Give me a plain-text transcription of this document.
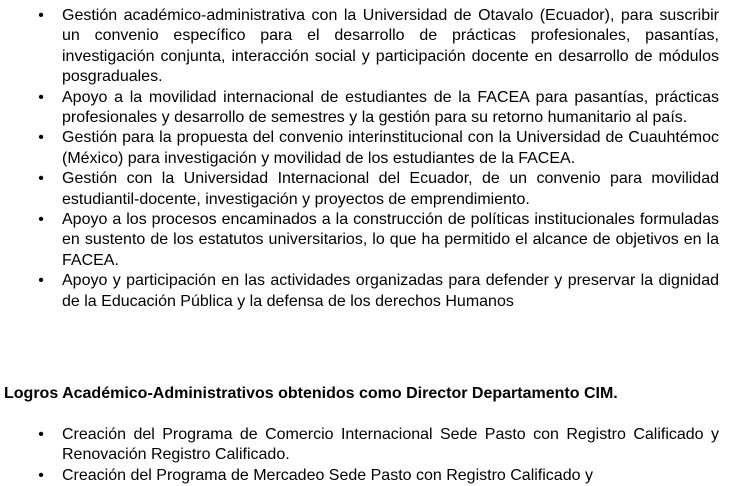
• Gestión académico-administrativa con la Universidad de Otavalo (Ecuador), para suscribir un convenio específico para el desarrollo de prácticas profesionales, pasantías, investigación conjunta, interacción social y participación docente en desarrollo de módulos posgraduales.
• Apoyo a la movilidad internacional de estudiantes de la FACEA para pasantías, prácticas profesionales y desarrollo de semestres y la gestión para su retorno humanitario al país.
• Gestión para la propuesta del convenio interinstitucional con la Universidad de Cuauhtémoc (México) para investigación y movilidad de los estudiantes de la FACEA.
• Gestión con la Universidad Internacional del Ecuador, de un convenio para movilidad estudiantil-docente, investigación y proyectos de emprendimiento.
• Apoyo a los procesos encaminados a la construcción de políticas institucionales formuladas en sustento de los estatutos universitarios, lo que ha permitido el alcance de objetivos en la FACEA.
• Apoyo y participación en las actividades organizadas para defender y preservar la dignidad de la Educación Pública y la defensa de los derechos Humanos
Logros Académico-Administrativos obtenidos como Director Departamento CIM.
• Creación del Programa de Comercio Internacional Sede Pasto con Registro Calificado y Renovación Registro Calificado.
• Creación del Programa de Mercadeo Sede Pasto con Registro Calificado y
